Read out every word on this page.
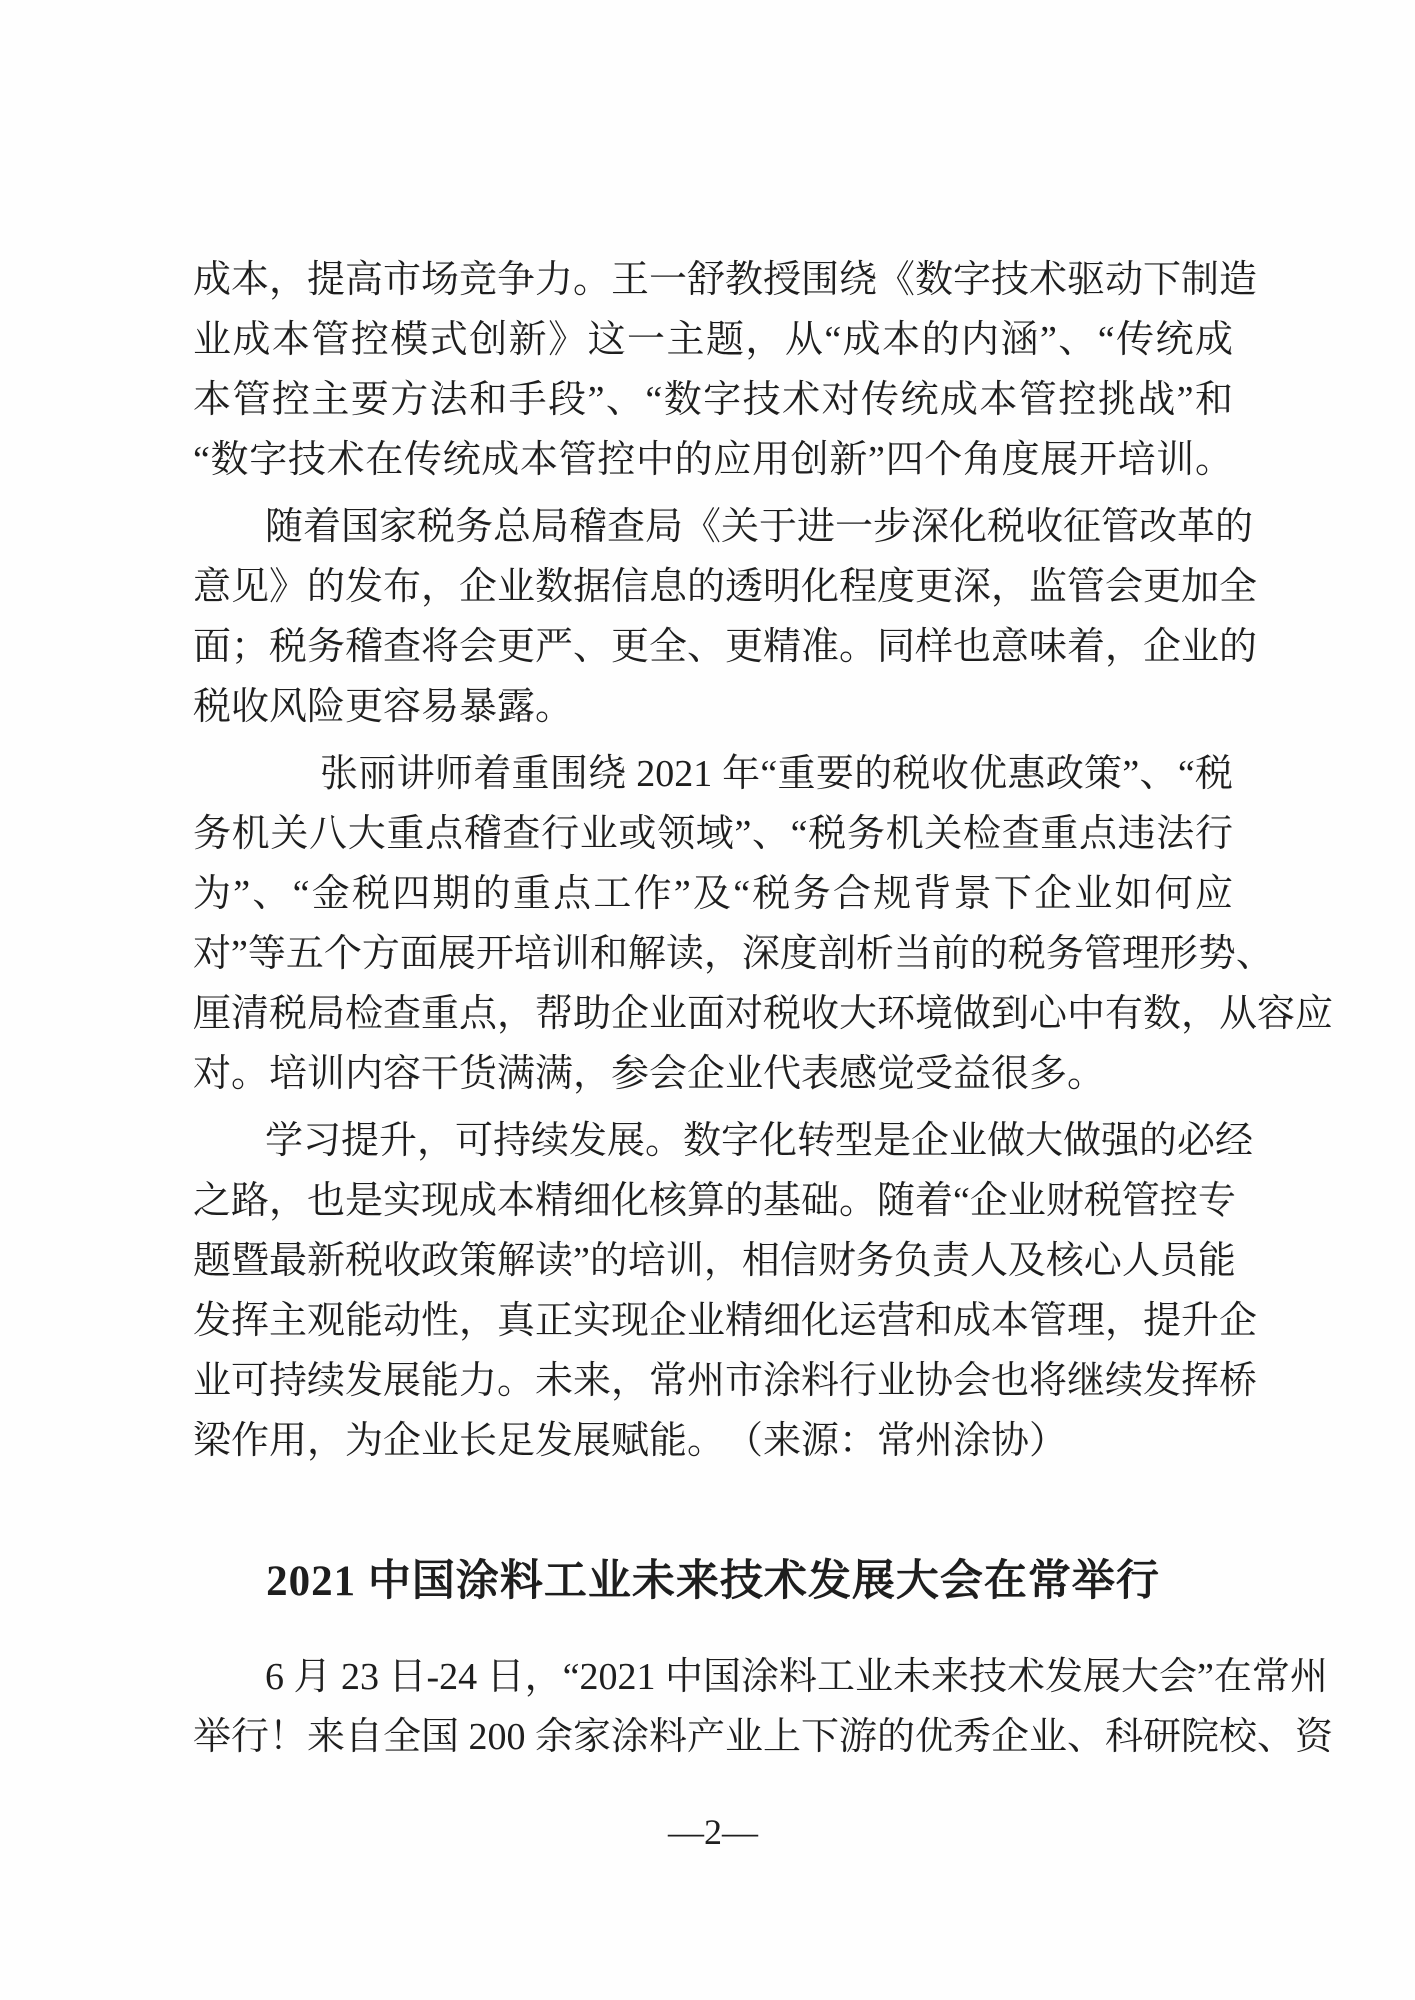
成本，提高市场竞争力。王一舒教授围绕《数字技术驱动下制造
业成本管控模式创新》这一主题，从“成本的内涵”、“传统成
本管控主要方法和手段”、“数字技术对传统成本管控挑战”和
“数字技术在传统成本管控中的应用创新”四个角度展开培训。
随着国家税务总局稽查局《关于进一步深化税收征管改革的
意见》的发布，企业数据信息的透明化程度更深，监管会更加全
面；税务稽查将会更严、更全、更精准。同样也意味着，企业的
税收风险更容易暴露。
张丽讲师着重围绕 2021 年“重要的税收优惠政策”、“税
务机关八大重点稽查行业或领域”、“税务机关检查重点违法行
为”、“金税四期的重点工作”及“税务合规背景下企业如何应
对”等五个方面展开培训和解读，深度剖析当前的税务管理形势、
厘清税局检查重点，帮助企业面对税收大环境做到心中有数，从容应
对。培训内容干货满满，参会企业代表感觉受益很多。
学习提升，可持续发展。数字化转型是企业做大做强的必经
之路，也是实现成本精细化核算的基础。随着“企业财税管控专
题暨最新税收政策解读”的培训，相信财务负责人及核心人员能
发挥主观能动性，真正实现企业精细化运营和成本管理，提升企
业可持续发展能力。未来，常州市涂料行业协会也将继续发挥桥
梁作用，为企业长足发展赋能。 （来源：常州涂协）
2021 中国涂料工业未来技术发展大会在常举行
6 月 23 日-24 日，“2021 中国涂料工业未来技术发展大会”在常州
举行！来自全国 200 余家涂料产业上下游的优秀企业、科研院校、资
—2—
